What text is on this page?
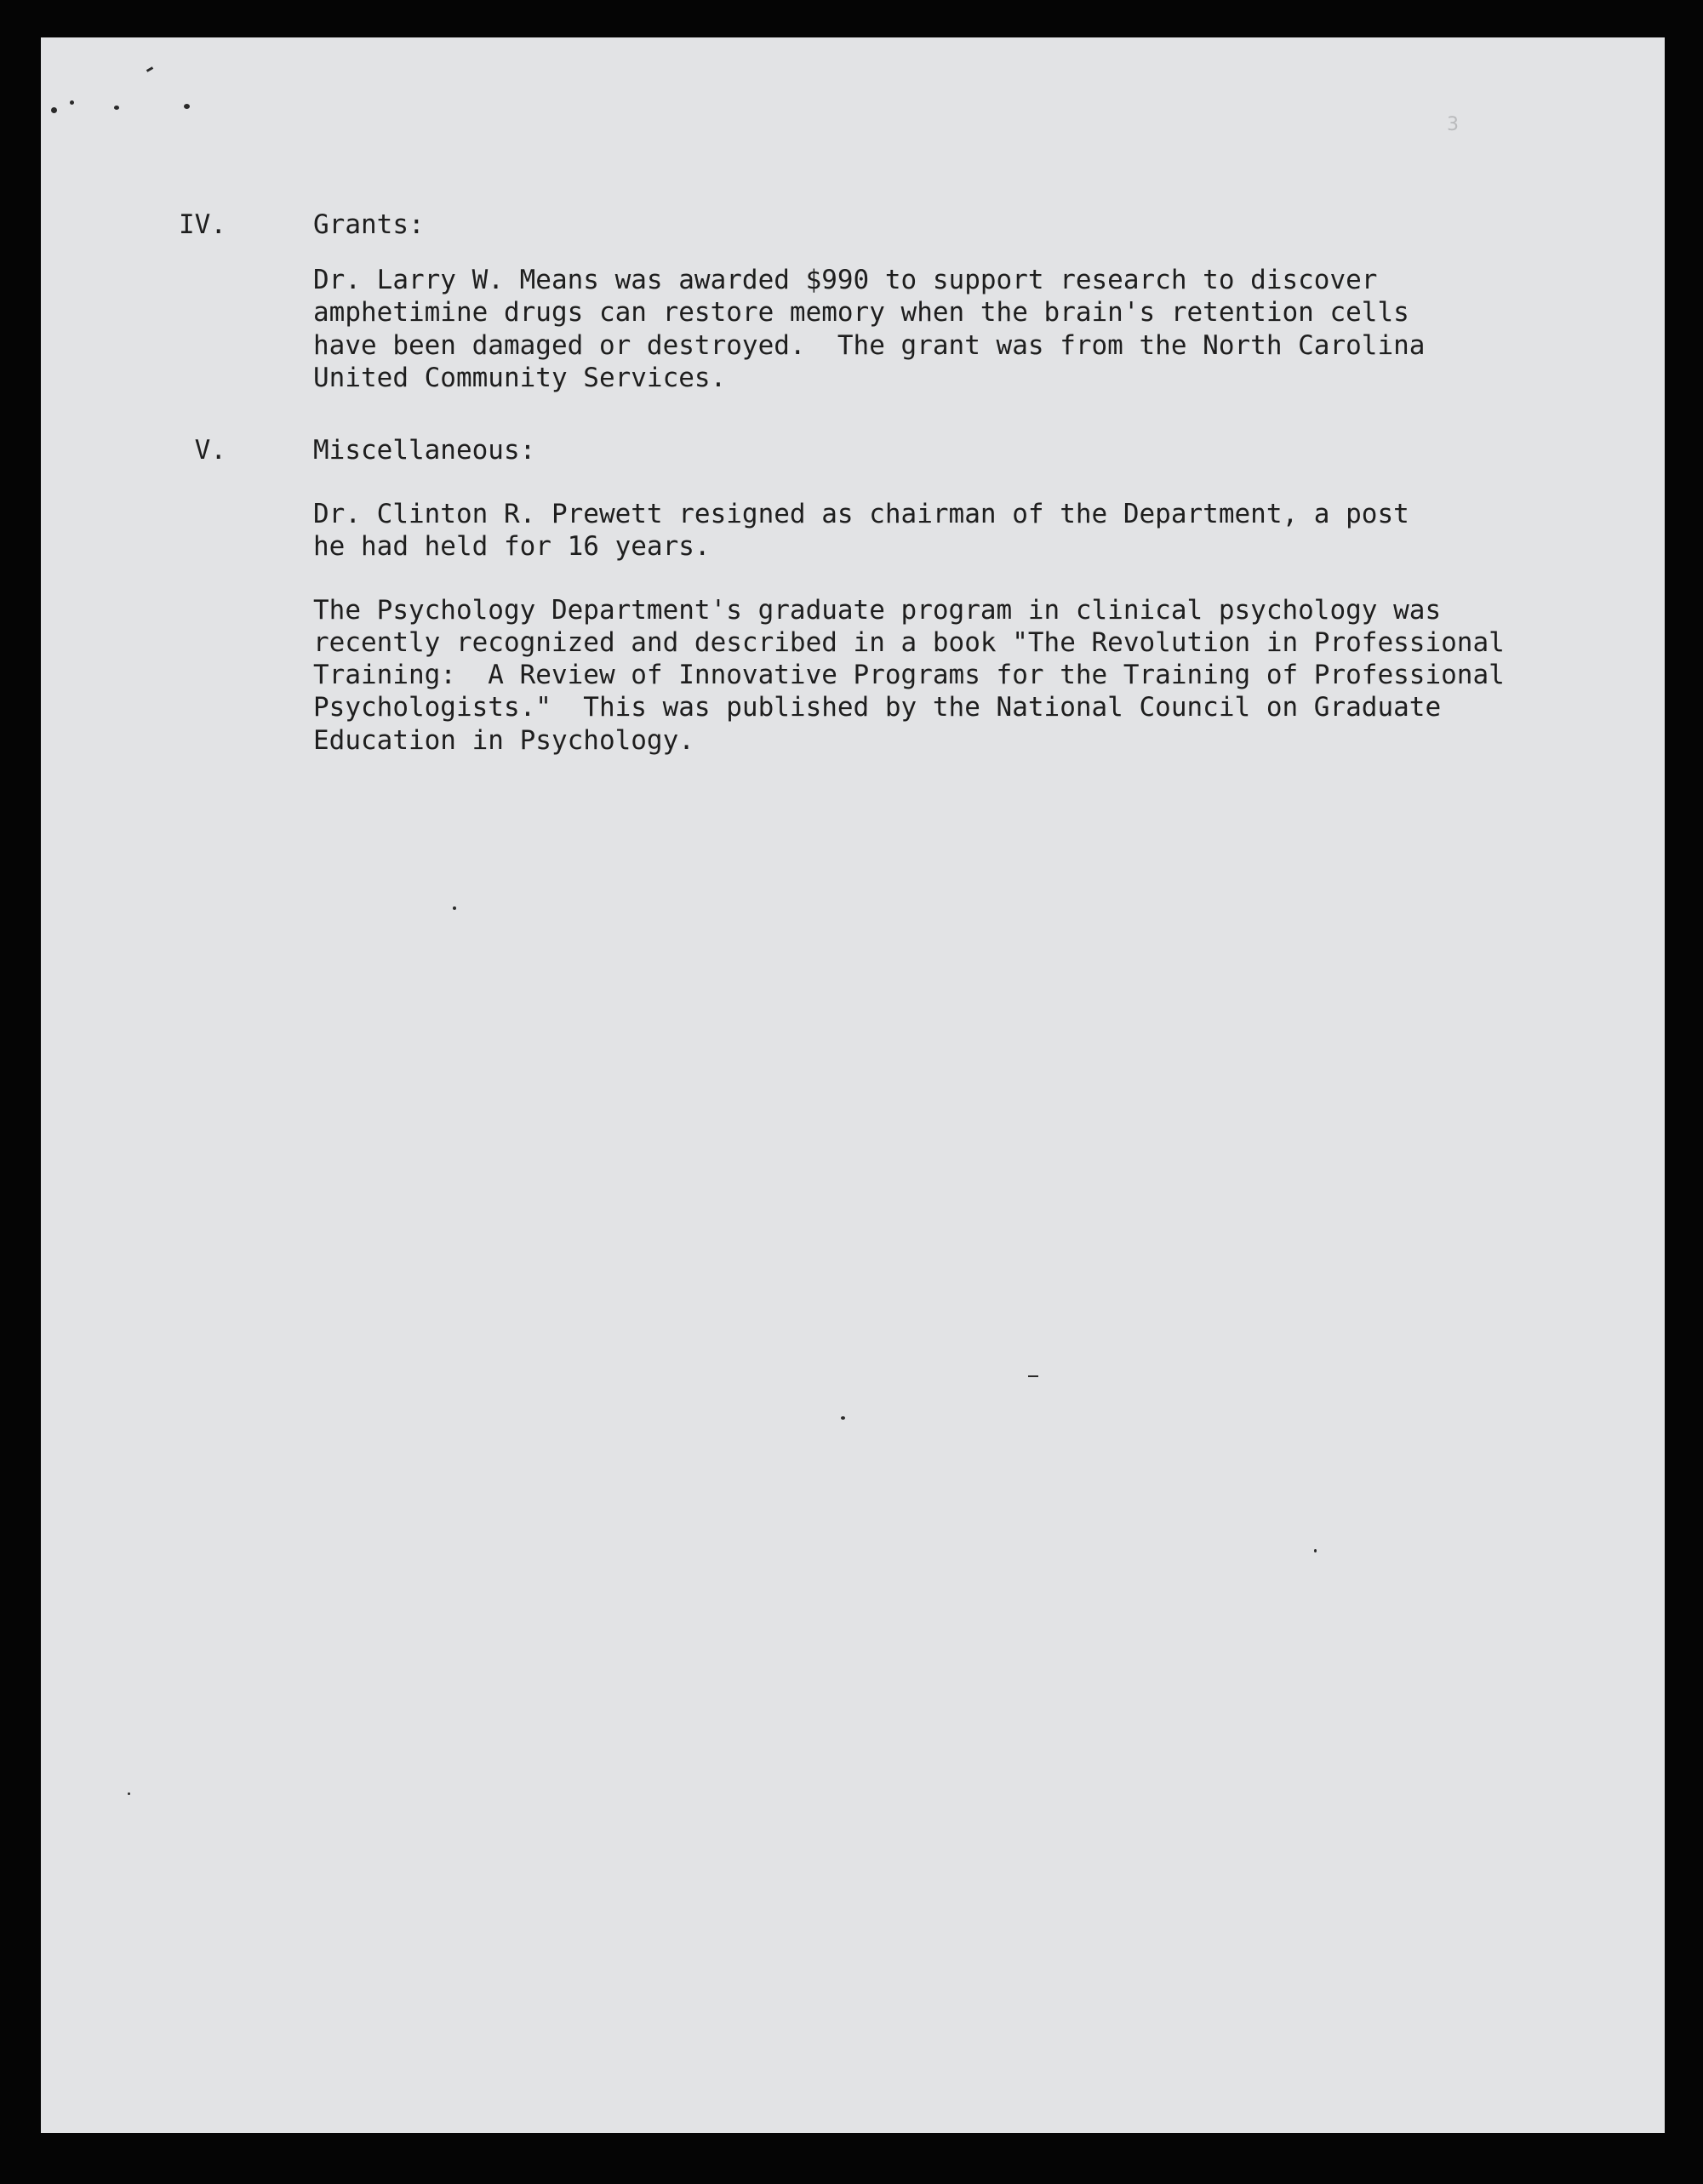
3

IV.

	Grants:

Dr. Larry W. Means was awarded $990 to support research to discover
amphetimine drugs can restore memory when the brain's retention cells
have been damaged or destroyed.  The grant was from the North Carolina
United Community Services.

V.

	Miscellaneous:

Dr. Clinton R. Prewett resigned as chairman of the Department, a post
he had held for 16 years.
The Psychology Department's graduate program in clinical psychology was
recently recognized and described in a book "The Revolution in Professional
Training:  A Review of Innovative Programs for the Training of Professional
Psychologists."  This was published by the National Council on Graduate
Education in Psychology.
